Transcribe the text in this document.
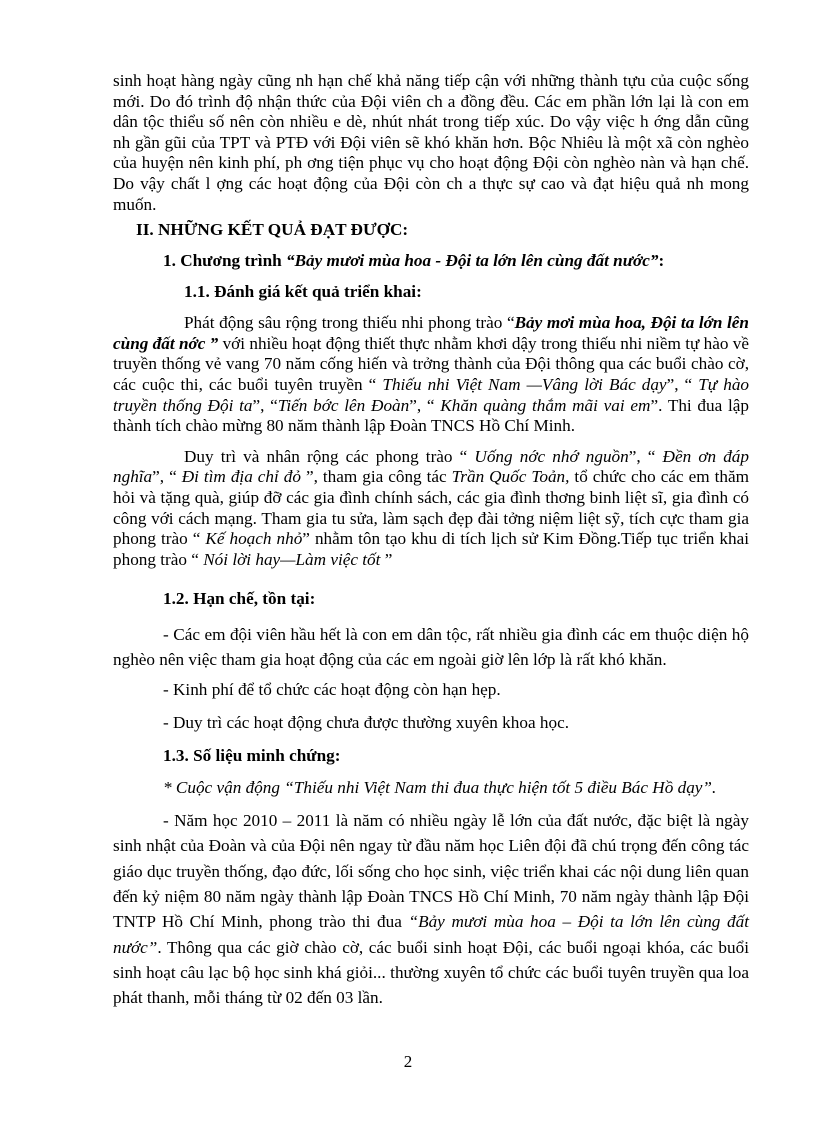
sinh hoạt hàng ngày cũng nh hạn chế khả năng tiếp cận với những thành tựu của cuộc sống mới. Do đó trình độ nhận thức của Đội viên ch a đồng đều. Các em phần lớn lại là con em dân tộc thiểu số nên còn nhiều e dè, nhút nhát trong tiếp xúc. Do vậy việc h ớng dẫn cũng nh gần gũi của TPT và PTĐ với Đội viên sẽ khó khăn hơn. Bộc Nhiêu là một xã còn nghèo của huyện nên kinh phí, ph ơng tiện phục vụ cho hoạt động Đội còn nghèo nàn và hạn chế. Do vậy chất l ợng các hoạt động của Đội còn ch a thực sự cao và đạt hiệu quả nh mong muốn.

II. NHỮNG KẾT QUẢ ĐẠT ĐƯỢC:

1. Chương trình “Bảy mươi mùa hoa - Đội ta lớn lên cùng đất nước”:

1.1. Đánh giá kết quả triển khai:

Phát động sâu rộng trong thiếu nhi phong trào “Bảy mơi mùa hoa, Đội ta lớn lên cùng đất nớc ” với nhiều hoạt động thiết thực nhằm khơi dậy trong thiếu nhi niềm tự hào về truyền thống vẻ vang 70 năm cống hiến và trởng thành của Đội thông qua các buổi chào cờ, các cuộc thi, các buổi tuyên truyền “ Thiếu nhi Việt Nam —Vâng lời Bác dạy”, “ Tự hào truyền thống Đội ta”, “Tiến bớc lên Đoàn”, “ Khăn quàng thắm mãi vai em”. Thi đua lập thành tích chào mừng 80 năm thành lập Đoàn TNCS Hồ Chí Minh.

Duy trì và nhân rộng các phong trào “ Uống nớc nhớ nguồn”, “ Đền ơn đáp nghĩa”, “ Đi tìm địa chỉ đỏ ”, tham gia công tác Trần Quốc Toản, tổ chức cho các em thăm hỏi và tặng quà, giúp đỡ các gia đình chính sách, các gia đình thơng binh liệt sĩ, gia đình có công với cách mạng. Tham gia tu sửa, làm sạch đẹp đài tởng niệm liệt sỹ, tích cực tham gia phong trào “ Kế hoạch nhỏ” nhằm tôn tạo khu di tích lịch sử Kim Đồng.Tiếp tục triển khai phong trào “ Nói lời hay—Làm việc tốt ”

1.2. Hạn chế, tồn tại:

- Các em đội viên hầu hết là con em dân tộc, rất nhiều gia đình các em thuộc diện hộ nghèo nên việc tham gia hoạt động của các em ngoài giờ lên lớp là rất khó khăn.

- Kinh phí để tổ chức các hoạt động còn hạn hẹp.

- Duy trì các hoạt động chưa được thường xuyên khoa học.

1.3. Số liệu minh chứng:

* Cuộc vận động “Thiếu nhi Việt Nam thi đua thực hiện tốt 5 điều Bác Hồ dạy”.

- Năm học 2010 – 2011 là năm có nhiều ngày lễ lớn của đất nước, đặc biệt là ngày sinh nhật của Đoàn và của Đội nên ngay từ đầu năm học Liên đội đã chú trọng đến công tác giáo dục truyền thống, đạo đức, lối sống cho học sinh, việc triển khai các nội dung liên quan đến kỷ niệm 80 năm ngày thành lập Đoàn TNCS Hồ Chí Minh, 70 năm ngày thành lập Đội TNTP Hồ Chí Minh, phong trào thi đua “Bảy mươi mùa hoa – Đội ta lớn lên cùng đất nước”. Thông qua các giờ chào cờ, các buổi sinh hoạt Đội, các buổi ngoại khóa, các buổi sinh hoạt câu lạc bộ học sinh khá giỏi... thường xuyên tổ chức các buổi tuyên truyền qua loa phát thanh, mỗi tháng từ 02 đến 03 lần.

2
